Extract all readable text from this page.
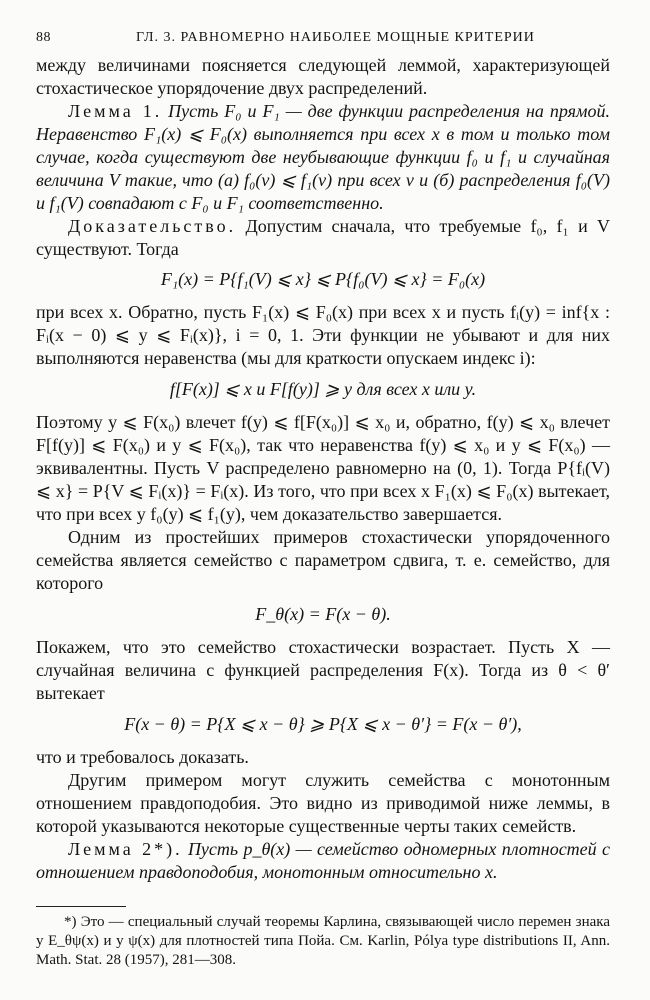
88	ГЛ. 3. РАВНОМЕРНО НАИБОЛЕЕ МОЩНЫЕ КРИТЕРИИ

между величинами поясняется следующей леммой, характеризующей стохастическое упорядочение двух распределений.

Лемма 1. Пусть F₀ и F₁ — две функции распределения на прямой. Неравенство F₁(x) ⩽ F₀(x) выполняется при всех x в том и только том случае, когда существуют две неубывающие функции f₀ и f₁ и случайная величина V такие, что (a) f₀(v) ⩽ f₁(v) при всех v и (б) распределения f₀(V) и f₁(V) совпадают с F₀ и F₁ соответственно.

Доказательство. Допустим сначала, что требуемые f₀, f₁ и V существуют. Тогда

F₁(x) = P{f₁(V) ⩽ x} ⩽ P{f₀(V) ⩽ x} = F₀(x)

при всех x. Обратно, пусть F₁(x) ⩽ F₀(x) при всех x и пусть fᵢ(y) = inf{x : Fᵢ(x − 0) ⩽ y ⩽ Fᵢ(x)}, i = 0, 1. Эти функции не убывают и для них выполняются неравенства (мы для краткости опускаем индекс i):

f[F(x)] ⩽ x и F[f(y)] ⩾ y для всех x или y.

Поэтому y ⩽ F(x₀) влечет f(y) ⩽ f[F(x₀)] ⩽ x₀ и, обратно, f(y) ⩽ x₀ влечет F[f(y)] ⩽ F(x₀) и y ⩽ F(x₀), так что неравенства f(y) ⩽ x₀ и y ⩽ F(x₀) — эквивалентны. Пусть V распределено равномерно на (0, 1). Тогда P{fᵢ(V) ⩽ x} = P{V ⩽ Fᵢ(x)} = Fᵢ(x). Из того, что при всех x F₁(x) ⩽ F₀(x) вытекает, что при всех y f₀(y) ⩽ f₁(y), чем доказательство завершается.

Одним из простейших примеров стохастически упорядоченного семейства является семейство с параметром сдвига, т. е. семейство, для которого

F_θ(x) = F(x − θ).

Покажем, что это семейство стохастически возрастает. Пусть X — случайная величина с функцией распределения F(x). Тогда из θ < θ′ вытекает

F(x − θ) = P{X ⩽ x − θ} ⩾ P{X ⩽ x − θ′} = F(x − θ′),

что и требовалось доказать.

Другим примером могут служить семейства с монотонным отношением правдоподобия. Это видно из приводимой ниже леммы, в которой указываются некоторые существенные черты таких семейств.

Лемма 2*). Пусть p_θ(x) — семейство одномерных плотностей с отношением правдоподобия, монотонным относительно x.

*) Это — специальный случай теоремы Карлина, связывающей число перемен знака у E_θψ(x) и у ψ(x) для плотностей типа Пойа. См. Karlin, Pólya type distributions II, Ann. Math. Stat. 28 (1957), 281—308.
